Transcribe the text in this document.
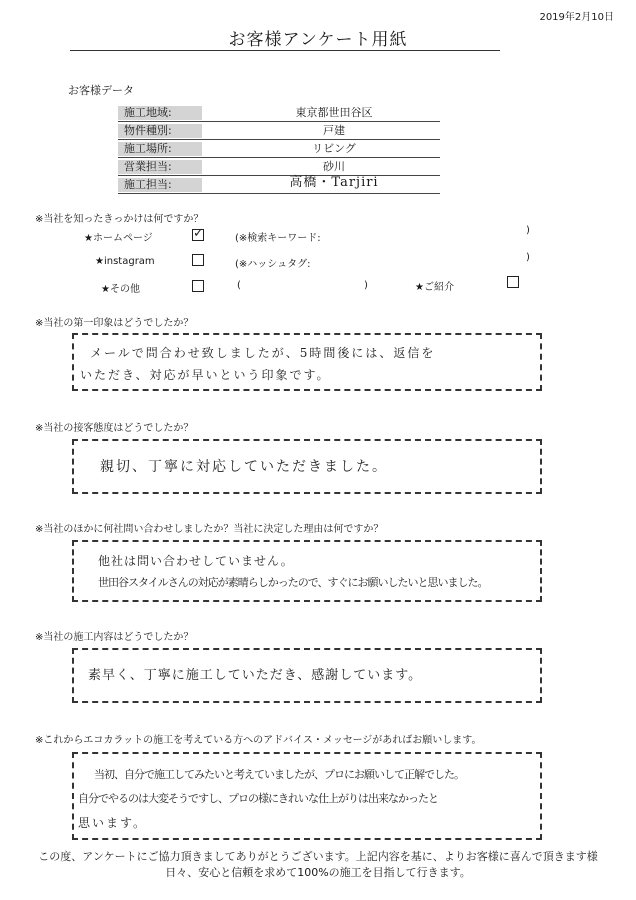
2019年2月10日
お客様アンケート用紙
お客様データ
施工地域:	東京都世田谷区
物件種別:	戸建
施工場所:	リビング
営業担当:	砂川
施工担当:	高橋・Tarjiri
※当社を知ったきっかけは何ですか？
★ホームページ
✓	(※検索キーワード:
)
★instagram	(※ハッシュタグ:
)
★その他	(	)	★ご紹介
※当社の第一印象はどうでしたか？
メールで問合わせ致しましたが、5時間後には、返信を
いただき、対応が早いという印象です。
※当社の接客態度はどうでしたか？
親切、丁寧に対応していただきました。
※当社のほかに何社問い合わせしましたか？当社に決定した理由は何ですか？
他社は問い合わせしていません。
世田谷スタイルさんの対応が素晴らしかったので、すぐにお願いしたいと思いました。
※当社の施工内容はどうでしたか？
素早く、丁寧に施工していただき、感謝しています。
※これからエコカラットの施工を考えている方へのアドバイス・メッセージがあればお願いします。
当初、自分で施工してみたいと考えていましたが、プロにお願いして正解でした。
自分でやるのは大変そうですし、プロの様にきれいな仕上がりは出来なかったと
思います。
この度、アンケートにご協力頂きましてありがとうございます。上記内容を基に、よりお客様に喜んで頂きます様
日々、安心と信頼を求めて100%の施工を目指して行きます。
